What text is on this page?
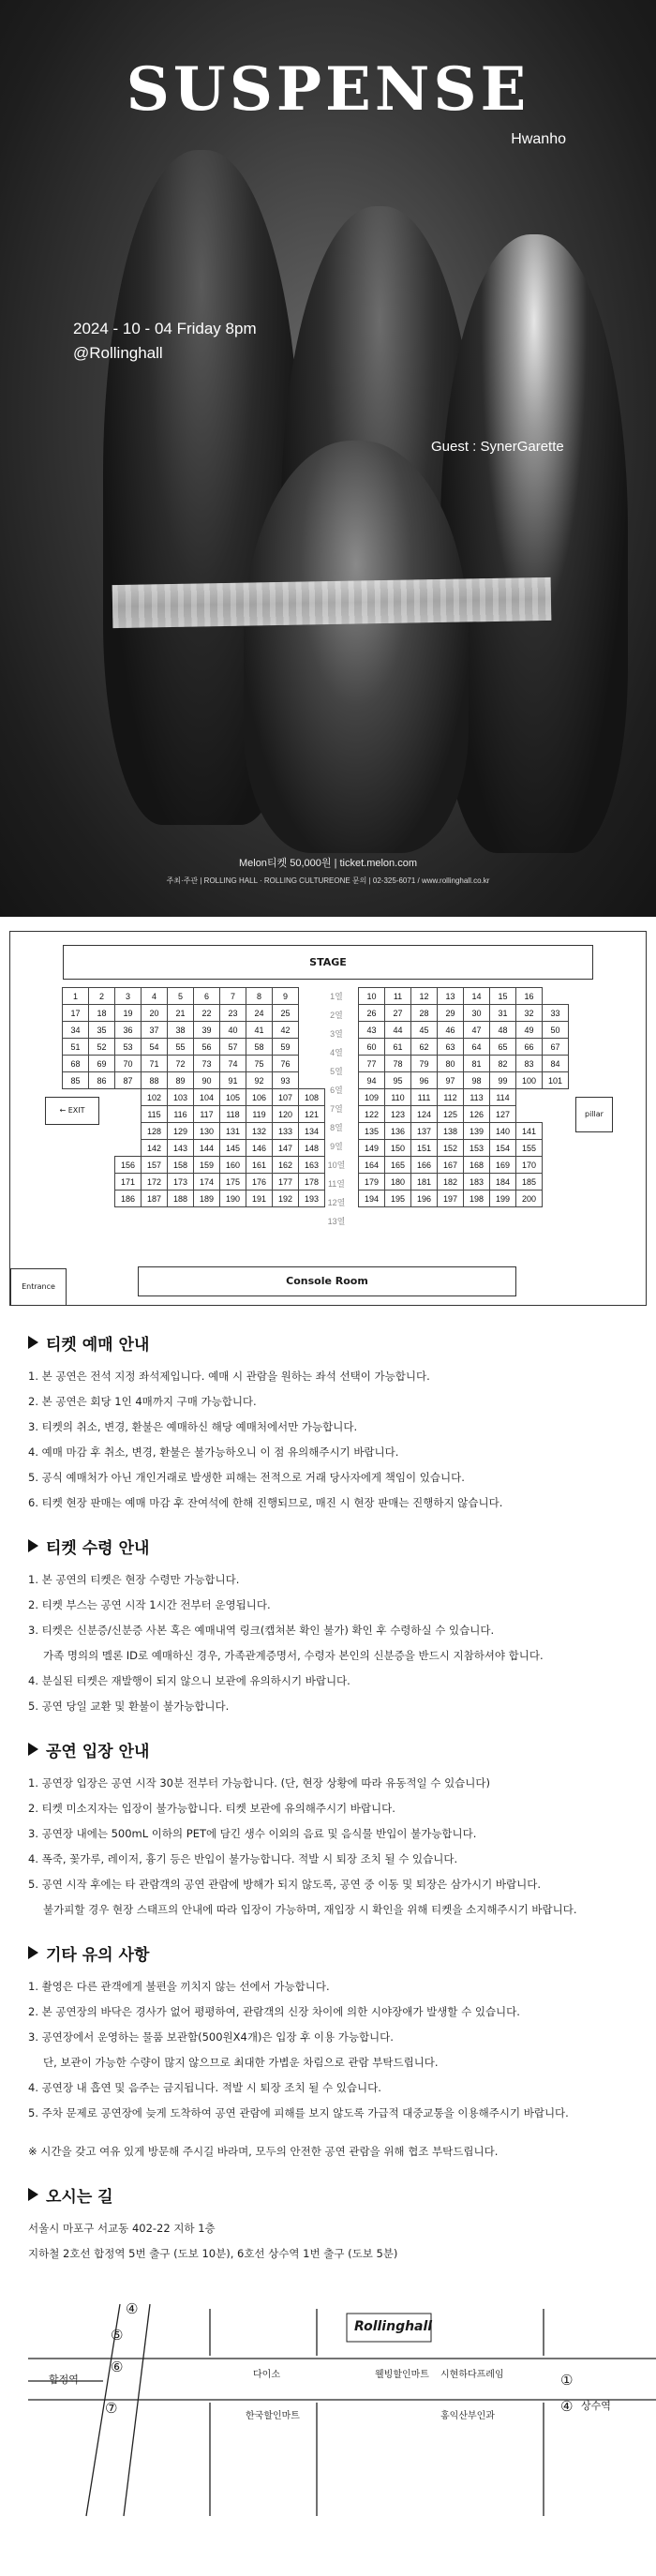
SUSPENSE
Hwanho
2024 - 10 - 04 Friday 8pm
@Rollinghall
Guest : SynerGarette
Melon티켓 50,000원 | ticket.melon.com
주최·주관 | ROLLING HALL · ROLLING CULTUREONE 문의 | 02-325-6071 / www.rollinghall.co.kr
STAGE
1	2	3	4	5	6	7	8	9	
17	18	19	20	21	22	23	24	25	
34	35	36	37	38	39	40	41	42	
51	52	53	54	55	56	57	58	59	
68	69	70	71	72	73	74	75	76	
85	86	87	88	89	90	91	92	93	
			102	103	104	105	106	107	108
			115	116	117	118	119	120	121
			128	129	130	131	132	133	134
			142	143	144	145	146	147	148
		156	157	158	159	160	161	162	163
		171	172	173	174	175	176	177	178
		186	187	188	189	190	191	192	193
10	11	12	13	14	15	16	
26	27	28	29	30	31	32	33
43	44	45	46	47	48	49	50
60	61	62	63	64	65	66	67
77	78	79	80	81	82	83	84
94	95	96	97	98	99	100	101
109	110	111	112	113	114		
122	123	124	125	126	127		
135	136	137	138	139	140	141	
149	150	151	152	153	154	155	
164	165	166	167	168	169	170	
179	180	181	182	183	184	185	
194	195	196	197	198	199	200	
1열
2열
3열
4열
5열
6열
7열
8열
9열
10열
11열
12열
13열
← EXIT	pillar
Entrance	Console Room
티켓 예매 안내

1. 본 공연은 전석 지정 좌석제입니다. 예매 시 관람을 원하는 좌석 선택이 가능합니다.

2. 본 공연은 회당 1인 4매까지 구매 가능합니다.

3. 티켓의 취소, 변경, 환불은 예매하신 해당 예매처에서만 가능합니다.

4. 예매 마감 후 취소, 변경, 환불은 불가능하오니 이 점 유의해주시기 바랍니다.

5. 공식 예매처가 아닌 개인거래로 발생한 피해는 전적으로 거래 당사자에게 책임이 있습니다.

6. 티켓 현장 판매는 예매 마감 후 잔여석에 한해 진행되므로, 매진 시 현장 판매는 진행하지 않습니다.

티켓 수령 안내

1. 본 공연의 티켓은 현장 수령만 가능합니다.

2. 티켓 부스는 공연 시작 1시간 전부터 운영됩니다.

3. 티켓은 신분증/신분증 사본 혹은 예매내역 링크(캡쳐본 확인 불가) 확인 후 수령하실 수 있습니다.

가족 명의의 멜론 ID로 예매하신 경우, 가족관계증명서, 수령자 본인의 신분증을 반드시 지참하셔야 합니다.

4. 분실된 티켓은 재발행이 되지 않으니 보관에 유의하시기 바랍니다.

5. 공연 당일 교환 및 환불이 불가능합니다.

공연 입장 안내

1. 공연장 입장은 공연 시작 30분 전부터 가능합니다. (단, 현장 상황에 따라 유동적일 수 있습니다)

2. 티켓 미소지자는 입장이 불가능합니다. 티켓 보관에 유의해주시기 바랍니다.

3. 공연장 내에는 500mL 이하의 PET에 담긴 생수 이외의 음료 및 음식물 반입이 불가능합니다.

4. 폭죽, 꽃가루, 레이저, 흉기 등은 반입이 불가능합니다. 적발 시 퇴장 조치 될 수 있습니다.

5. 공연 시작 후에는 타 관람객의 공연 관람에 방해가 되지 않도록, 공연 중 이동 및 퇴장은 삼가시기 바랍니다.

불가피할 경우 현장 스태프의 안내에 따라 입장이 가능하며, 재입장 시 확인을 위해 티켓을 소지해주시기 바랍니다.

기타 유의 사항

1. 촬영은 다른 관객에게 불편을 끼치지 않는 선에서 가능합니다.

2. 본 공연장의 바닥은 경사가 없어 평평하여, 관람객의 신장 차이에 의한 시야장애가 발생할 수 있습니다.

3. 공연장에서 운영하는 물품 보관함(500원X4개)은 입장 후 이용 가능합니다.

단, 보관이 가능한 수량이 많지 않으므로 최대한 가볍운 차림으로 관람 부탁드립니다.

4. 공연장 내 흡연 및 음주는 금지됩니다. 적발 시 퇴장 조치 될 수 있습니다.

5. 주차 문제로 공연장에 늦게 도착하여 공연 관람에 피해를 보지 않도록 가급적 대중교통을 이용해주시기 바랍니다.

※ 시간을 갖고 여유 있게 방문해 주시길 바라며, 모두의 안전한 공연 관람을 위해 협조 부탁드립니다.

오시는 길

서울시 마포구 서교동 402-22 지하 1층

지하철 2호선 합정역 5번 출구 (도보 10분), 6호선 상수역 1번 출구 (도보 5분)

Rollinghall
합정역
상수역
다이소
한국할인마트
웰빙할인마트 시현하다프레임
홍익산부인과
④
⑤
⑥
⑦
①
④
